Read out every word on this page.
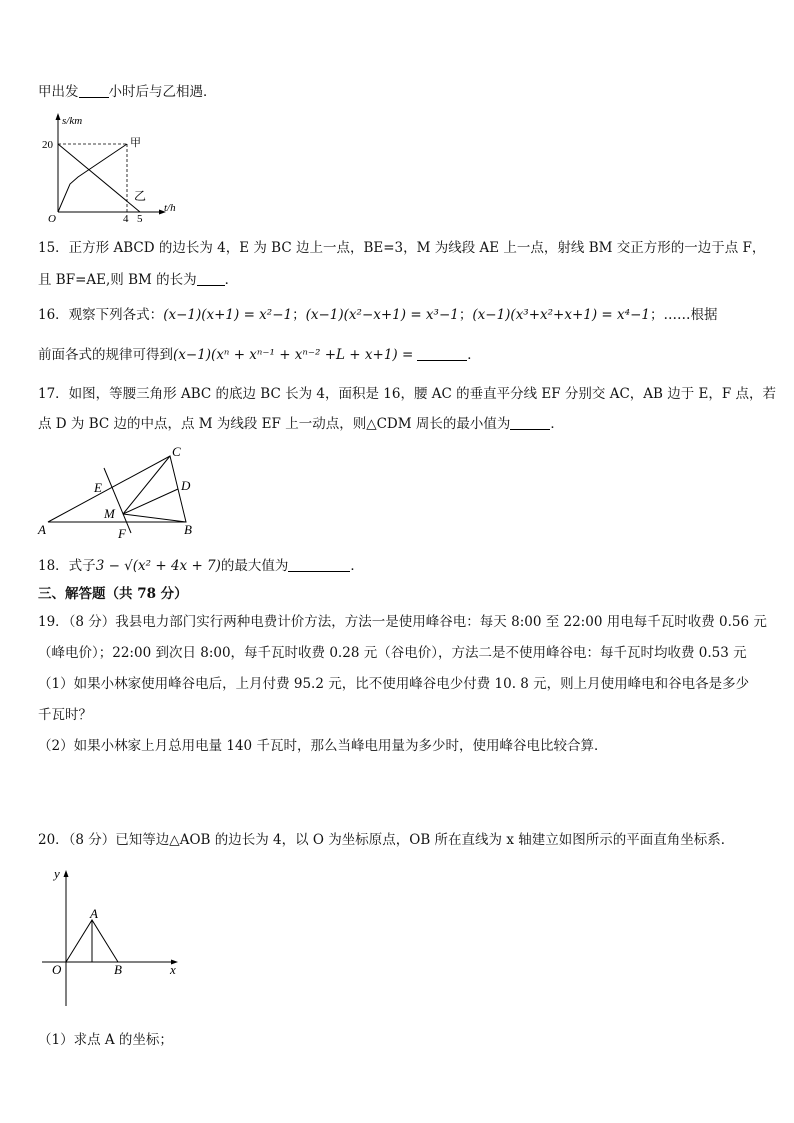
甲出发 小时后与乙相遇．
s/km
t/h
O
20
4 5
甲
乙
15．正方形 ABCD 的边长为 4，E 为 BC 边上一点，BE=3，M 为线段 AE 上一点，射线 BM 交正方形的一边于点 F，
且 BF=AE,则 BM 的长为 ．
16．观察下列各式：(x−1)(x+1) = x²−1；(x−1)(x²−x+1) = x³−1；(x−1)(x³+x²+x+1) = x⁴−1；……根据
前面各式的规律可得到(x−1)(xⁿ + xⁿ⁻¹ + xⁿ⁻² +L + x+1) =	．
17．如图，等腰三角形 ABC 的底边 BC 长为 4，面积是 16，腰 AC 的垂直平分线 EF 分别交 AC，AB 边于 E，F 点，若
点 D 为 BC 边的中点，点 M 为线段 EF 上一动点，则△CDM 周长的最小值为	．
A	B
C
D
E
F
M
18．式子3 − √(x² + 4x + 7)的最大值为	．
三、解答题（共 78 分）
19．（8 分）我县电力部门实行两种电费计价方法，方法一是使用峰谷电：每天 8:00 至 22:00 用电每千瓦时收费 0.56 元
（峰电价）；22:00 到次日 8:00，每千瓦时收费 0.28 元（谷电价），方法二是不使用峰谷电：每千瓦时均收费 0.53 元
（1）如果小林家使用峰谷电后，上月付费 95.2 元，比不使用峰谷电少付费 10. 8 元，则上月使用峰电和谷电各是多少
千瓦时？
（2）如果小林家上月总用电量 140 千瓦时，那么当峰电用量为多少时，使用峰谷电比较合算．
20．（8 分）已知等边△AOB 的边长为 4，以 O 为坐标原点，OB 所在直线为 x 轴建立如图所示的平面直角坐标系．
y
x
O
A
B
（1）求点 A 的坐标；
